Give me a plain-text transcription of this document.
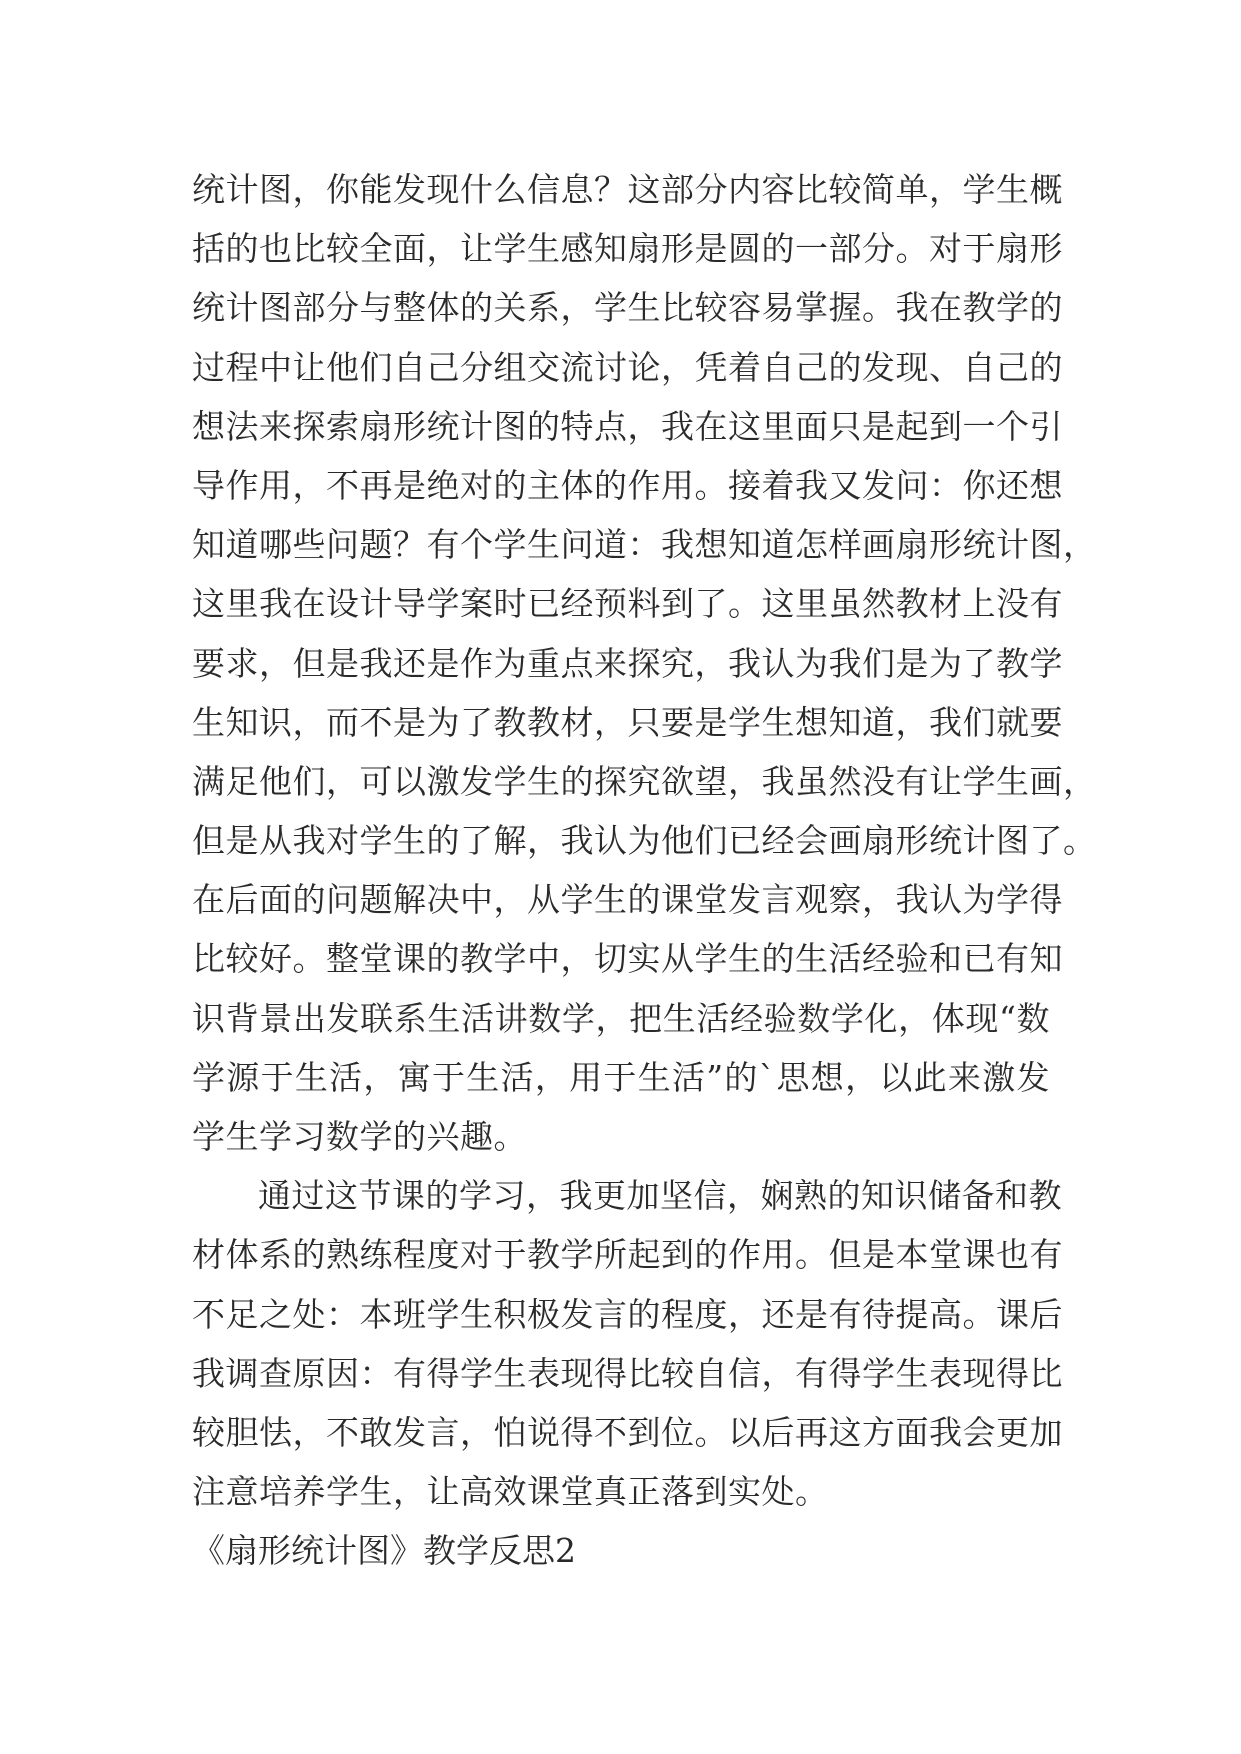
统计图，你能发现什么信息？这部分内容比较简单，学生概
括的也比较全面，让学生感知扇形是圆的一部分。对于扇形
统计图部分与整体的关系，学生比较容易掌握。我在教学的
过程中让他们自己分组交流讨论，凭着自己的发现、自己的
想法来探索扇形统计图的特点，我在这里面只是起到一个引
导作用，不再是绝对的主体的作用。接着我又发问：你还想
知道哪些问题？有个学生问道：我想知道怎样画扇形统计图，
这里我在设计导学案时已经预料到了。这里虽然教材上没有
要求，但是我还是作为重点来探究，我认为我们是为了教学
生知识，而不是为了教教材，只要是学生想知道，我们就要
满足他们，可以激发学生的探究欲望，我虽然没有让学生画，
但是从我对学生的了解，我认为他们已经会画扇形统计图了。
在后面的问题解决中，从学生的课堂发言观察，我认为学得
比较好。整堂课的教学中，切实从学生的生活经验和已有知
识背景出发联系生活讲数学，把生活经验数学化，体现“数
学源于生活，寓于生活，用于生活”的`思想，以此来激发
学生学习数学的兴趣。
通过这节课的学习，我更加坚信，娴熟的知识储备和教
材体系的熟练程度对于教学所起到的作用。但是本堂课也有
不足之处：本班学生积极发言的程度，还是有待提高。课后
我调查原因：有得学生表现得比较自信，有得学生表现得比
较胆怯，不敢发言，怕说得不到位。以后再这方面我会更加
注意培养学生，让高效课堂真正落到实处。
《扇形统计图》教学反思2
